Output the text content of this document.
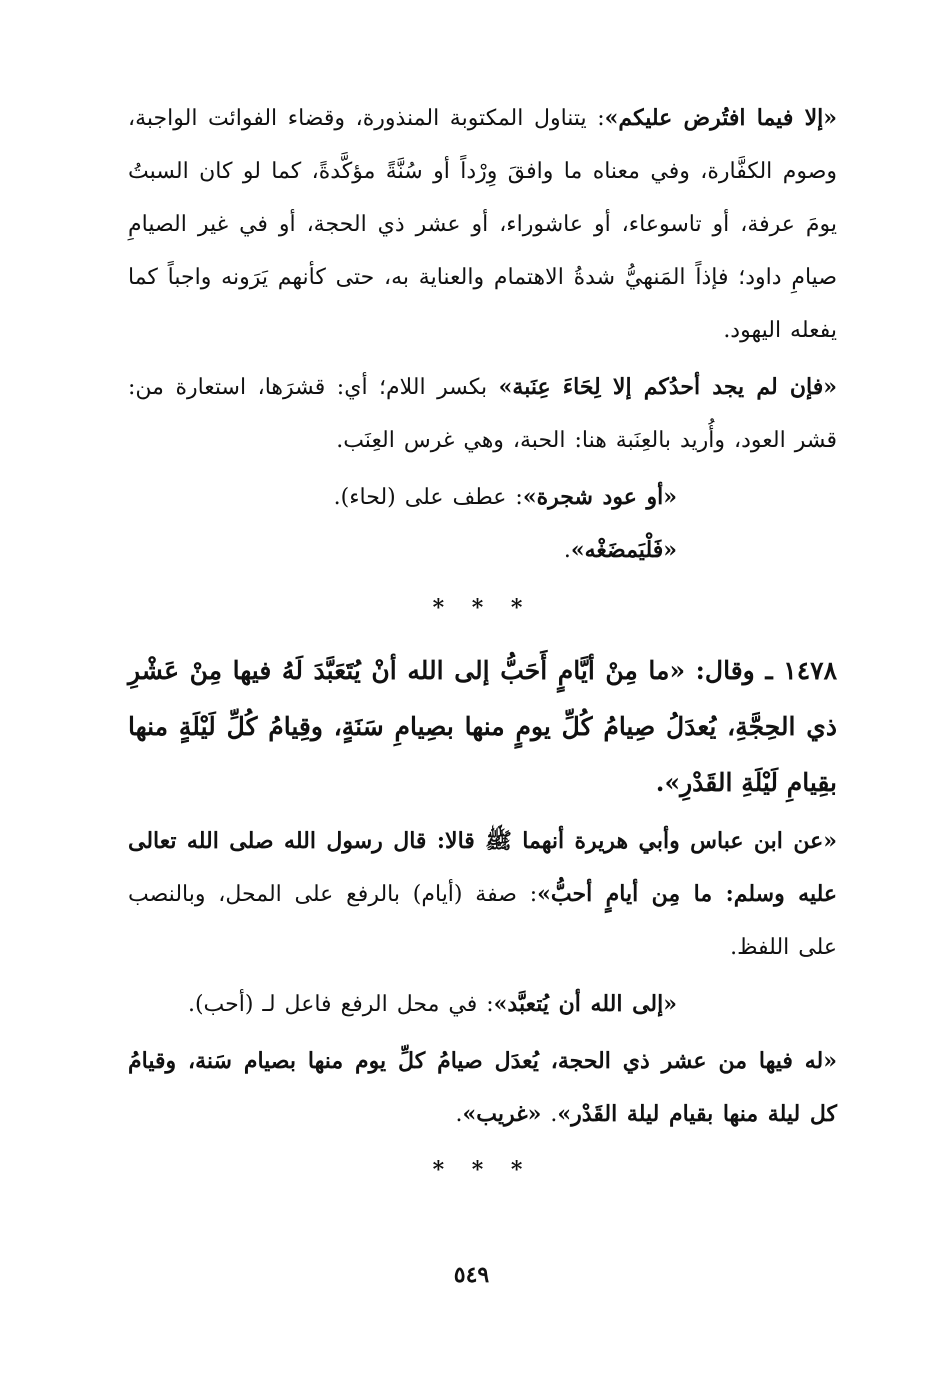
«إلا فيما افتُرض عليكم»: يتناول المكتوبة المنذورة، وقضاء الفوائت الواجبة، وصوم الكفَّارة، وفي معناه ما وافقَ وِرْداً أو سُنَّةً مؤكَّدةً، كما لو كان السبتُ يومَ عرفة، أو تاسوعاء، أو عاشوراء، أو عشر ذي الحجة، أو في غير الصيامِ صيامِ داود؛ فإذاً المَنهيُّ شدةُ الاهتمام والعناية به، حتى كأنهم يَرَونه واجباً كما يفعله اليهود.

«فإن لم يجد أحدُكم إلا لِحَاءَ عِنَبة» بكسر اللام؛ أي: قشرَها، استعارة من: قشر العود، وأُريد بالعِنَبة هنا: الحبة، وهي غرس العِنَب.

«أو عود شجرة»: عطف على (لحاء).

«فَلْيَمضَغْه».

* * *

١٤٧٨ ـ وقال: «ما مِنْ أيَّامٍ أَحَبُّ إلى الله أنْ يُتَعَبَّدَ لَهُ فيها مِنْ عَشْرِ ذي الحِجَّةِ، يُعدَلُ صِيامُ كُلِّ يومٍ منها بصِيامِ سَنَةٍ، وقِيامُ كُلِّ لَيْلَةٍ منها بقِيامِ لَيْلَةِ القَدْرِ».

«عن ابن عباس وأبي هريرة أنهما ﷺ قالا: قال رسول الله صلى الله تعالى عليه وسلم: ما مِن أيامٍ أحبُّ»: صفة (أيام) بالرفع على المحل، وبالنصب على اللفظ.

«إلى الله أن يُتعبَّد»: في محل الرفع فاعل لـ (أحب).

«له فيها من عشر ذي الحجة، يُعدَل صيامُ كلِّ يوم منها بصيام سَنة، وقيامُ كل ليلة منها بقيام ليلة القَدْر». «غريب».

* * *
٥٤٩
